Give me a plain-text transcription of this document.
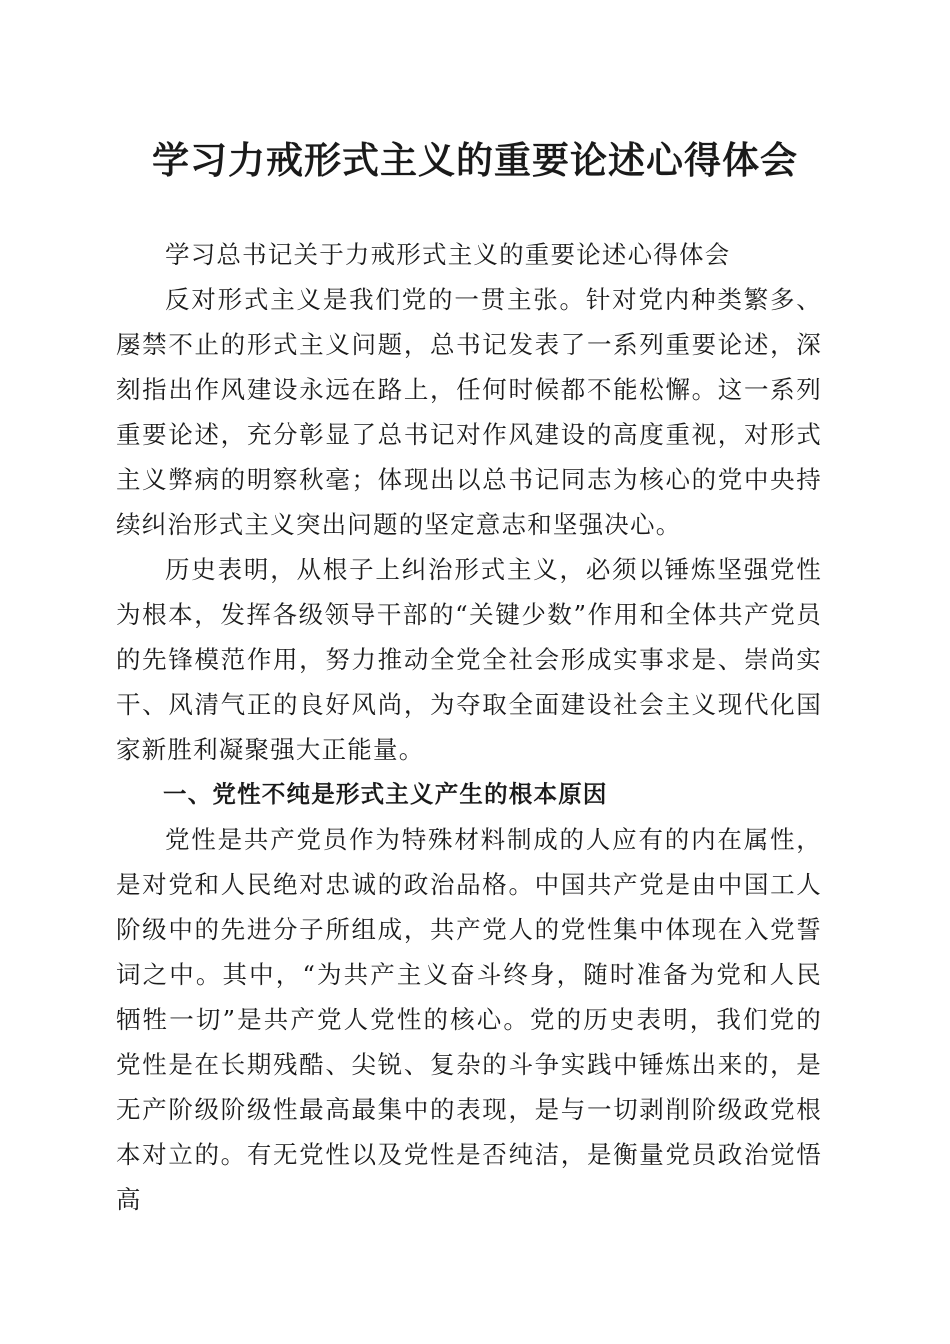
学习力戒形式主义的重要论述心得体会

学习总书记关于力戒形式主义的重要论述心得体会

反对形式主义是我们党的一贯主张。针对党内种类繁多、屡禁不止的形式主义问题，总书记发表了一系列重要论述，深刻指出作风建设永远在路上，任何时候都不能松懈。这一系列重要论述，充分彰显了总书记对作风建设的高度重视，对形式主义弊病的明察秋毫；体现出以总书记同志为核心的党中央持续纠治形式主义突出问题的坚定意志和坚强决心。

历史表明，从根子上纠治形式主义，必须以锤炼坚强党性为根本，发挥各级领导干部的“关键少数”作用和全体共产党员的先锋模范作用，努力推动全党全社会形成实事求是、崇尚实干、风清气正的良好风尚，为夺取全面建设社会主义现代化国家新胜利凝聚强大正能量。

一、党性不纯是形式主义产生的根本原因

党性是共产党员作为特殊材料制成的人应有的内在属性，是对党和人民绝对忠诚的政治品格。中国共产党是由中国工人阶级中的先进分子所组成，共产党人的党性集中体现在入党誓词之中。其中，“为共产主义奋斗终身，随时准备为党和人民牺牲一切”是共产党人党性的核心。党的历史表明，我们党的党性是在长期残酷、尖锐、复杂的斗争实践中锤炼出来的，是无产阶级阶级性最高最集中的表现，是与一切剥削阶级政党根本对立的。有无党性以及党性是否纯洁，是衡量党员政治觉悟高
